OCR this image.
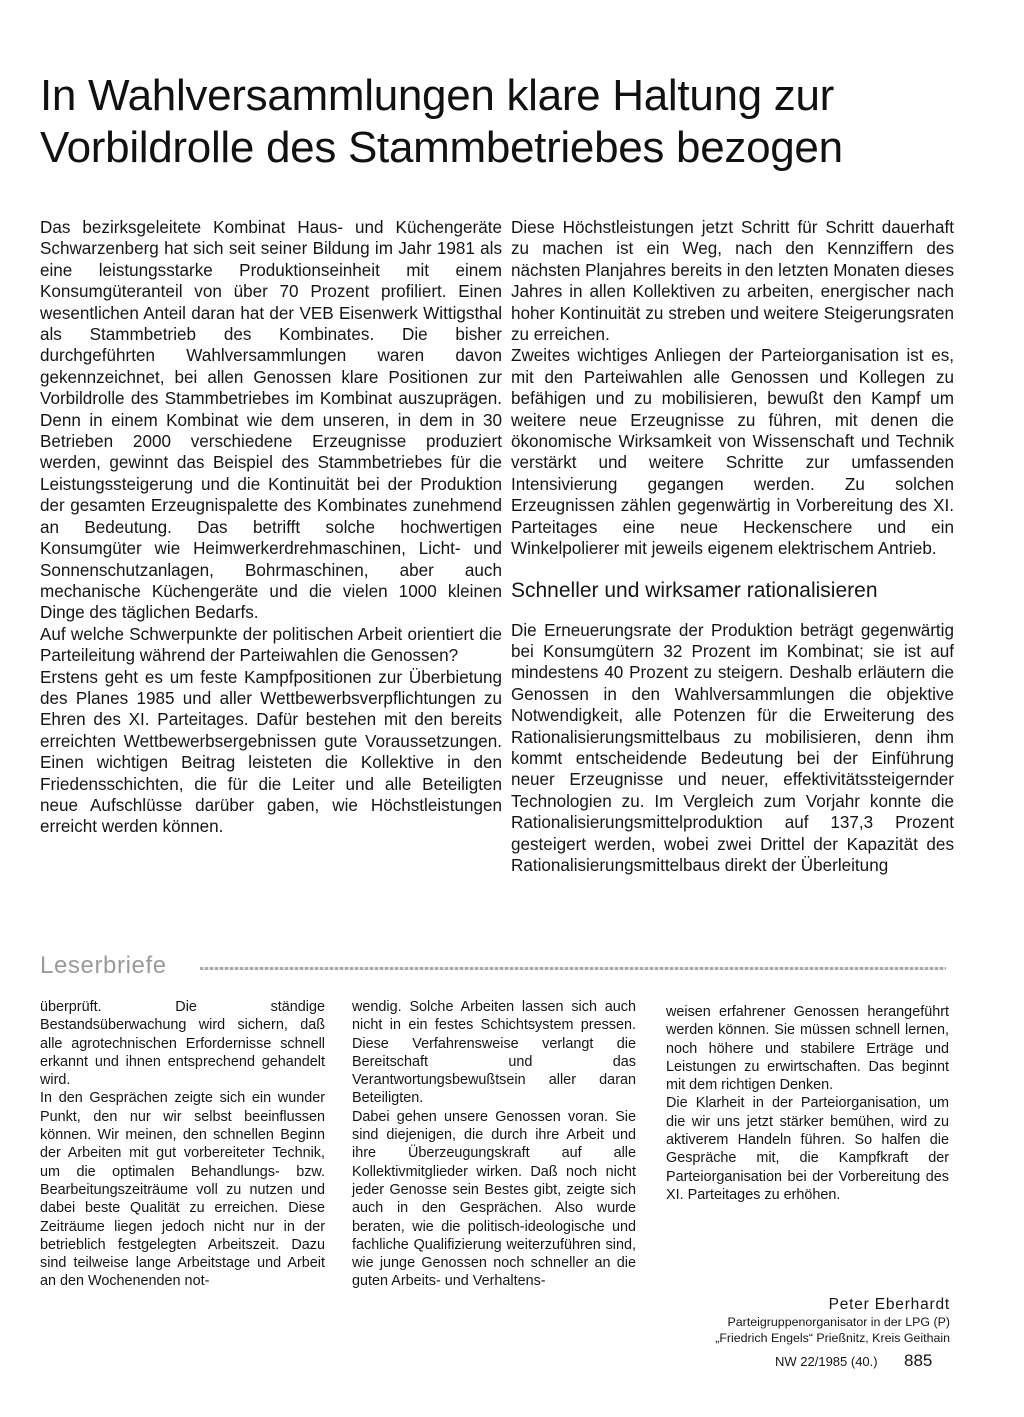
In Wahlversammlungen klare Haltung zur
Vorbildrolle des Stammbetriebes bezogen

Das bezirksgeleitete Kombinat Haus- und Küchengeräte Schwarzenberg hat sich seit seiner Bildung im Jahr 1981 als eine leistungsstarke Produktionseinheit mit einem Konsumgüteranteil von über 70 Prozent profiliert. Einen wesentlichen Anteil daran hat der VEB Eisenwerk Wittigsthal als Stammbetrieb des Kombinates. Die bisher durchgeführten Wahlversammlungen waren davon gekennzeichnet, bei allen Genossen klare Positionen zur Vorbildrolle des Stammbetriebes im Kombinat auszuprägen. Denn in einem Kombinat wie dem unseren, in dem in 30 Betrieben 2000 verschiedene Erzeugnisse produziert werden, gewinnt das Beispiel des Stammbetriebes für die Leistungssteigerung und die Kontinuität bei der Produktion der gesamten Erzeugnispalette des Kombinates zunehmend an Bedeutung. Das betrifft solche hochwertigen Konsumgüter wie Heimwerkerdrehmaschinen, Licht- und Sonnenschutzanlagen, Bohrmaschinen, aber auch mechanische Küchengeräte und die vielen 1000 kleinen Dinge des täglichen Bedarfs.

Auf welche Schwerpunkte der politischen Arbeit orientiert die Parteileitung während der Parteiwahlen die Genossen?

Erstens geht es um feste Kampfpositionen zur Überbietung des Planes 1985 und aller Wettbewerbsverpflichtungen zu Ehren des XI. Parteitages. Dafür bestehen mit den bereits erreichten Wettbewerbsergebnissen gute Voraussetzungen. Einen wichtigen Beitrag leisteten die Kollektive in den Friedensschichten, die für die Leiter und alle Beteiligten neue Aufschlüsse darüber gaben, wie Höchstleistungen erreicht werden können.

Diese Höchstleistungen jetzt Schritt für Schritt dauerhaft zu machen ist ein Weg, nach den Kennziffern des nächsten Planjahres bereits in den letzten Monaten dieses Jahres in allen Kollektiven zu arbeiten, energischer nach hoher Kontinuität zu streben und weitere Steigerungsraten zu erreichen.

Zweites wichtiges Anliegen der Parteiorganisation ist es, mit den Parteiwahlen alle Genossen und Kollegen zu befähigen und zu mobilisieren, bewußt den Kampf um weitere neue Erzeugnisse zu führen, mit denen die ökonomische Wirksamkeit von Wissenschaft und Technik verstärkt und weitere Schritte zur umfassenden Intensivierung gegangen werden. Zu solchen Erzeugnissen zählen gegenwärtig in Vorbereitung des XI. Parteitages eine neue Heckenschere und ein Winkelpolierer mit jeweils eigenem elektrischem Antrieb.

Schneller und wirksamer rationalisieren

Die Erneuerungsrate der Produktion beträgt gegenwärtig bei Konsumgütern 32 Prozent im Kombinat; sie ist auf mindestens 40 Prozent zu steigern. Deshalb erläutern die Genossen in den Wahlversammlungen die objektive Notwendigkeit, alle Potenzen für die Erweiterung des Rationalisierungsmittelbaus zu mobilisieren, denn ihm kommt entscheidende Bedeutung bei der Einführung neuer Erzeugnisse und neuer, effektivitätssteigernder Technologien zu. Im Vergleich zum Vorjahr konnte die Rationalisierungsmittelproduktion auf 137,3 Prozent gesteigert werden, wobei zwei Drittel der Kapazität des Rationalisierungsmittelbaus direkt der Überleitung

Leserbriefe

überprüft. Die ständige Bestandsüberwachung wird sichern, daß alle agrotechnischen Erfordernisse schnell erkannt und ihnen entsprechend gehandelt wird.

In den Gesprächen zeigte sich ein wunder Punkt, den nur wir selbst beeinflussen können. Wir meinen, den schnellen Beginn der Arbeiten mit gut vorbereiteter Technik, um die optimalen Behandlungs- bzw. Bearbeitungszeiträume voll zu nutzen und dabei beste Qualität zu erreichen. Diese Zeiträume liegen jedoch nicht nur in der betrieblich festgelegten Arbeitszeit. Dazu sind teilweise lange Arbeitstage und Arbeit an den Wochenenden not-

wendig. Solche Arbeiten lassen sich auch nicht in ein festes Schichtsystem pressen. Diese Verfahrensweise verlangt die Bereitschaft und das Verantwortungsbewußtsein aller daran Beteiligten.

Dabei gehen unsere Genossen voran. Sie sind diejenigen, die durch ihre Arbeit und ihre Überzeugungskraft auf alle Kollektivmitglieder wirken. Daß noch nicht jeder Genosse sein Bestes gibt, zeigte sich auch in den Gesprächen. Also wurde beraten, wie die politisch-ideologische und fachliche Qualifizierung weiterzuführen sind, wie junge Genossen noch schneller an die guten Arbeits- und Verhaltens-

weisen erfahrener Genossen herangeführt werden können. Sie müssen schnell lernen, noch höhere und stabilere Erträge und Leistungen zu erwirtschaften. Das beginnt mit dem richtigen Denken.

Die Klarheit in der Parteiorganisation, um die wir uns jetzt stärker bemühen, wird zu aktiverem Handeln führen. So halfen die Gespräche mit, die Kampfkraft der Parteiorganisation bei der Vorbereitung des XI. Parteitages zu erhöhen.

Peter Eberhardt
Parteigruppenorganisator in der LPG (P)
„Friedrich Engels“ Prießnitz, Kreis Geithain
NW 22/1985 (40.) 885
